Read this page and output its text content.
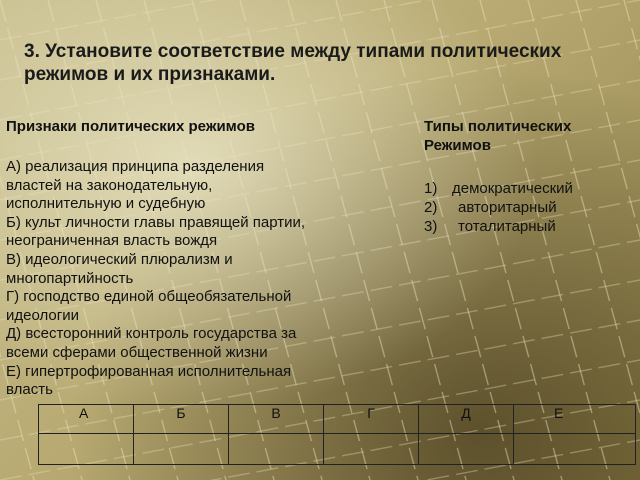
3. Установите соответствие между типами политических режимов и их признаками.
Признаки политических режимов
А) реализация принципа разделения
властей на законодательную,
исполнительную и судебную
Б) культ личности главы правящей партии,
неограниченная власть вождя
В) идеологический плюрализм и
многопартийность
Г) господство единой общеобязательной
идеологии
Д) всесторонний контроль государства за
всеми сферами общественной жизни
Е) гипертрофированная исполнительная
власть
Типы политических
Режимов
1) демократический
2)	авторитарный
3)	тоталитарный
А	Б	В	Г	Д	Е
